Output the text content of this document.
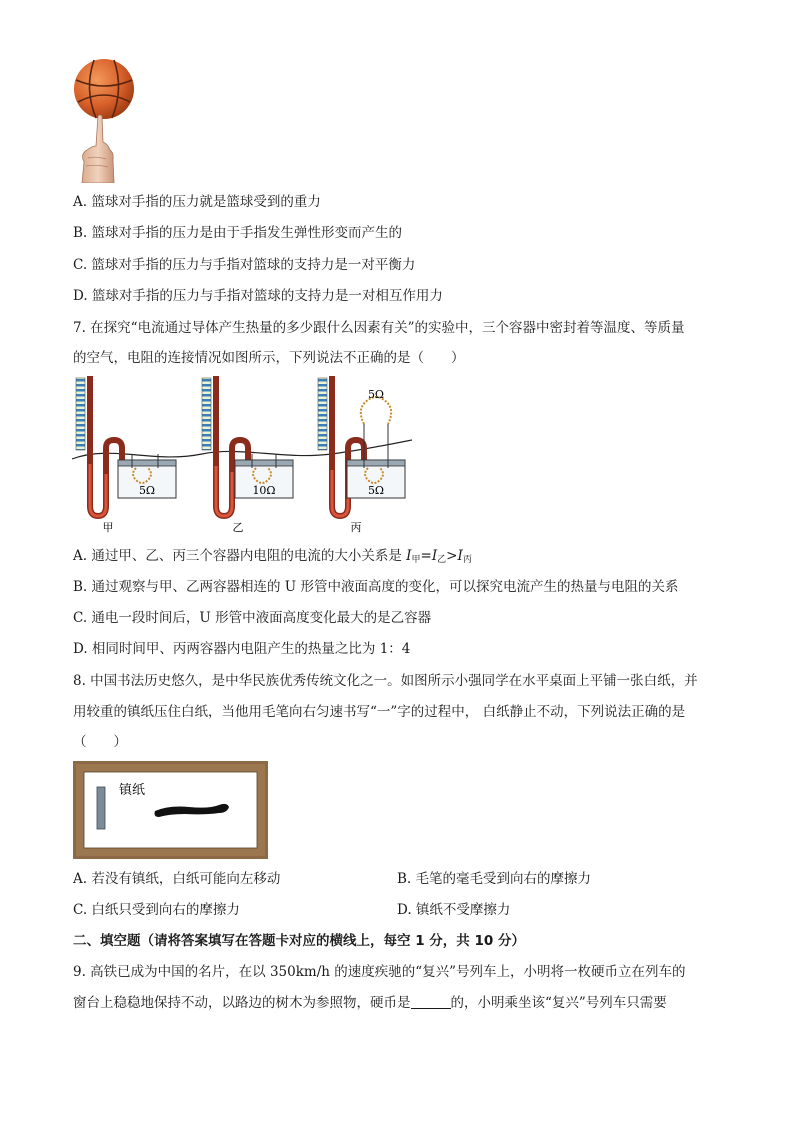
A. 篮球对手指的压力就是篮球受到的重力
B. 篮球对手指的压力是由于手指发生弹性形变而产生的
C. 篮球对手指的压力与手指对篮球的支持力是一对平衡力
D. 篮球对手指的压力与手指对篮球的支持力是一对相互作用力
7. 在探究“电流通过导体产生热量的多少跟什么因素有关”的实验中，三个容器中密封着等温度、等质量
的空气，电阻的连接情况如图所示，下列说法不正确的是（　　）
5Ω
甲
10Ω
乙
5Ω
5Ω
丙
A. 通过甲、乙、丙三个容器内电阻的电流的大小关系是 $I_甲=I_乙>I_丙$
B. 通过观察与甲、乙两容器相连的 U 形管中液面高度的变化，可以探究电流产生的热量与电阻的关系
C. 通电一段时间后，U 形管中液面高度变化最大的是乙容器
D. 相同时间甲、丙两容器内电阻产生的热量之比为 1：4
8. 中国书法历史悠久，是中华民族优秀传统文化之一。如图所示小强同学在水平桌面上平铺一张白纸，并
用较重的镇纸压住白纸，当他用毛笔向右匀速书写“一”字的过程中， 白纸静止不动，下列说法正确的是
（　　）
镇纸
A. 若没有镇纸，白纸可能向左移动	B. 毛笔的毫毛受到向右的摩擦力
C. 白纸只受到向右的摩擦力	D. 镇纸不受摩擦力
二、填空题（请将答案填写在答题卡对应的横线上，每空 1 分，共 10 分）
9. 高铁已成为中国的名片，在以 350km/h 的速度疾驰的“复兴”号列车上，小明将一枚硬币立在列车的
窗台上稳稳地保持不动，以路边的树木为参照物，硬币是	的，小明乘坐该“复兴”号列车只需要
